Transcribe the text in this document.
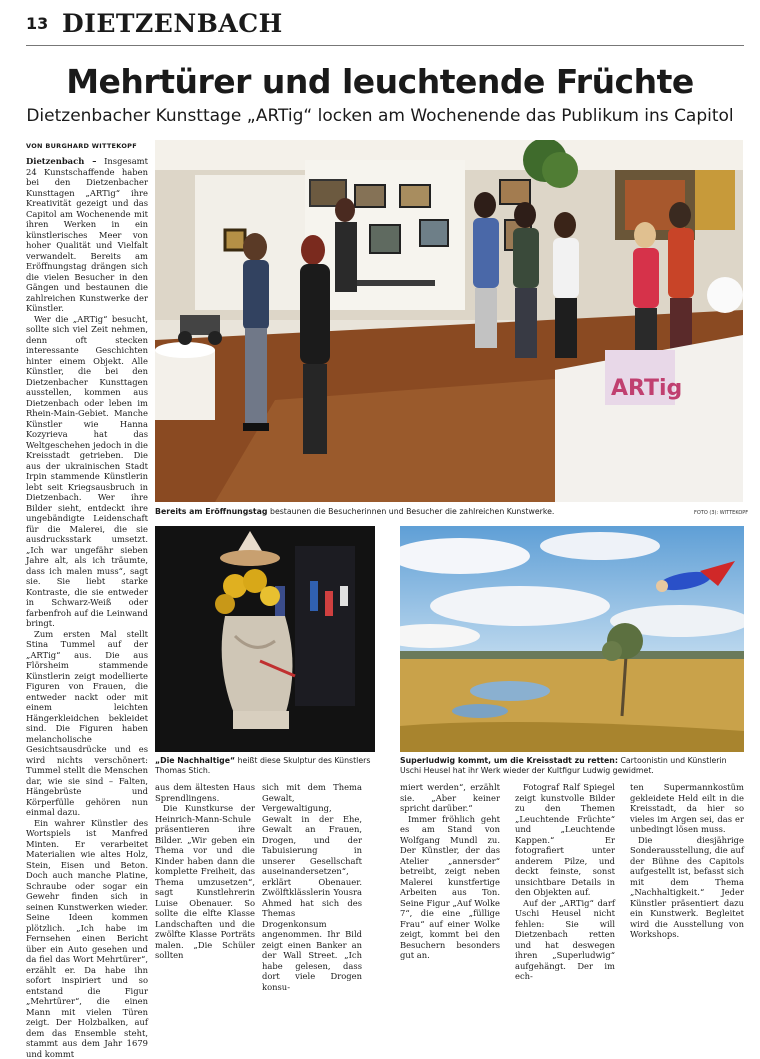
13 DIETZENBACH
Mehrtürer und leuchtende Früchte
Dietzenbacher Kunsttage „ARTig“ locken am Wochenende das Publikum ins Capitol
VON BURGHARD WITTEKOPF

Dietzenbach – Insgesamt 24 Kunstschaffende haben bei den Dietzenbacher Kunsttagen „ARTig“ ihre Kreativität gezeigt und das Capitol am Wochenende mit ihren Werken in ein künstlerisches Meer von hoher Qualität und Vielfalt verwandelt. Bereits am Eröffnungstag drängen sich die vielen Besucher in den Gängen und bestaunen die zahlreichen Kunstwerke der Künstler.

Wer die „ARTig“ besucht, sollte sich viel Zeit nehmen, denn oft stecken interessante Geschichten hinter einem Objekt. Alle Künstler, die bei den Dietzenbacher Kunsttagen ausstellen, kommen aus Dietzenbach oder leben im Rhein-Main-Gebiet. Manche Künstler wie Hanna Kozyrieva hat das Weltgeschehen jedoch in die Kreisstadt getrieben. Die aus der ukrainischen Stadt Irpin stammende Künstlerin lebt seit Kriegsausbruch in Dietzenbach. Wer ihre Bilder sieht, entdeckt ihre ungebändigte Leidenschaft für die Malerei, die sie ausdrucksstark umsetzt. „Ich war ungefähr sieben Jahre alt, als ich träumte, dass ich malen muss“, sagt sie. Sie liebt starke Kontraste, die sie entweder in Schwarz-Weiß oder farbenfroh auf die Leinwand bringt.

Zum ersten Mal stellt Stina Tummel auf der „ARTig“ aus. Die aus Flörsheim stammende Künstlerin zeigt modellierte Figuren von Frauen, die entweder nackt oder mit einem leichten Hängerkleidchen bekleidet sind. Die Figuren haben melancholische Gesichtsausdrücke und es wird nichts verschönert: Tummel stellt die Menschen dar, wie sie sind – Falten, Hängebrüste und Körperfülle gehören nun einmal dazu.

Ein wahrer Künstler des Wortspiels ist Manfred Minten. Er verarbeitet Materialien wie altes Holz, Stein, Eisen und Beton. Doch auch manche Platine, Schraube oder sogar ein Gewehr finden sich in seinen Kunstwerken wieder. Seine Ideen kommen plötzlich. „Ich habe im Fernsehen einen Bericht über ein Auto gesehen und da fiel das Wort Mehrtürer“, erzählt er. Da habe ihn sofort inspiriert und so entstand die Figur „Mehrtürer“, die einen Mann mit vielen Türen zeigt. Der Holzbalken, auf dem das Ensemble steht, stammt aus dem Jahr 1679 und kommt

ARTig
Bereits am Eröffnungstag bestaunen die Besucherinnen und Besucher die zahlreichen Kunstwerke.	FOTO (3): WITTEKOPF
„Die Nachhaltige“ heißt diese Skulptur des Künstlers Thomas Stich.
Superludwig kommt, um die Kreisstadt zu retten: Cartoonistin und Künstlerin Uschi Heusel hat ihr Werk wieder der Kultfigur Ludwig gewidmet.

aus dem ältesten Haus Sprendlingens.

Die Kunstkurse der Heinrich-Mann-Schule präsentieren ihre Bilder. „Wir geben ein Thema vor und die Kinder haben dann die komplette Freiheit, das Thema umzusetzen“, sagt Kunstlehrerin Luise Obenauer. So sollte die elfte Klasse Landschaften und die zwölfte Klasse Porträts malen. „Die Schüler sollten

sich mit dem Thema Gewalt, Vergewaltigung, Gewalt in der Ehe, Gewalt an Frauen, Drogen, und der Tabuisierung in unserer Gesellschaft auseinandersetzen“, erklärt Obenauer. Zwölftklässlerin Yousra Ahmed hat sich des Themas Drogenkonsum angenommen. Ihr Bild zeigt einen Banker an der Wall Street. „Ich habe gelesen, dass dort viele Drogen konsu-

miert werden“, erzählt sie. „Aber keiner spricht darüber.“

Immer fröhlich geht es am Stand von Wolfgang Mundl zu. Der Künstler, der das Atelier „annersder“ betreibt, zeigt neben Malerei kunstfertige Arbeiten aus Ton. Seine Figur „Auf Wolke 7“, die eine „füllige Frau“ auf einer Wolke zeigt, kommt bei den Besuchern besonders gut an.

Fotograf Ralf Spiegel zeigt kunstvolle Bilder zu den Themen „Leuchtende Früchte“ und „Leuchtende Kappen.“ Er fotografiert unter anderem Pilze, und deckt feinste, sonst unsichtbare Details in den Objekten auf.

Auf der „ARTig“ darf Uschi Heusel nicht fehlen: Sie will Dietzenbach retten und hat deswegen ihren „Superludwig“ aufgehängt. Der im ech-

ten Supermannkostüm gekleidete Held eilt in die Kreisstadt, da hier so vieles im Argen sei, das er unbedingt lösen muss.

Die diesjährige Sonderausstellung, die auf der Bühne des Capitols aufgestellt ist, befasst sich mit dem Thema „Nachhaltigkeit.“ Jeder Künstler präsentiert dazu ein Kunstwerk. Begleitet wird die Ausstellung von Workshops.
